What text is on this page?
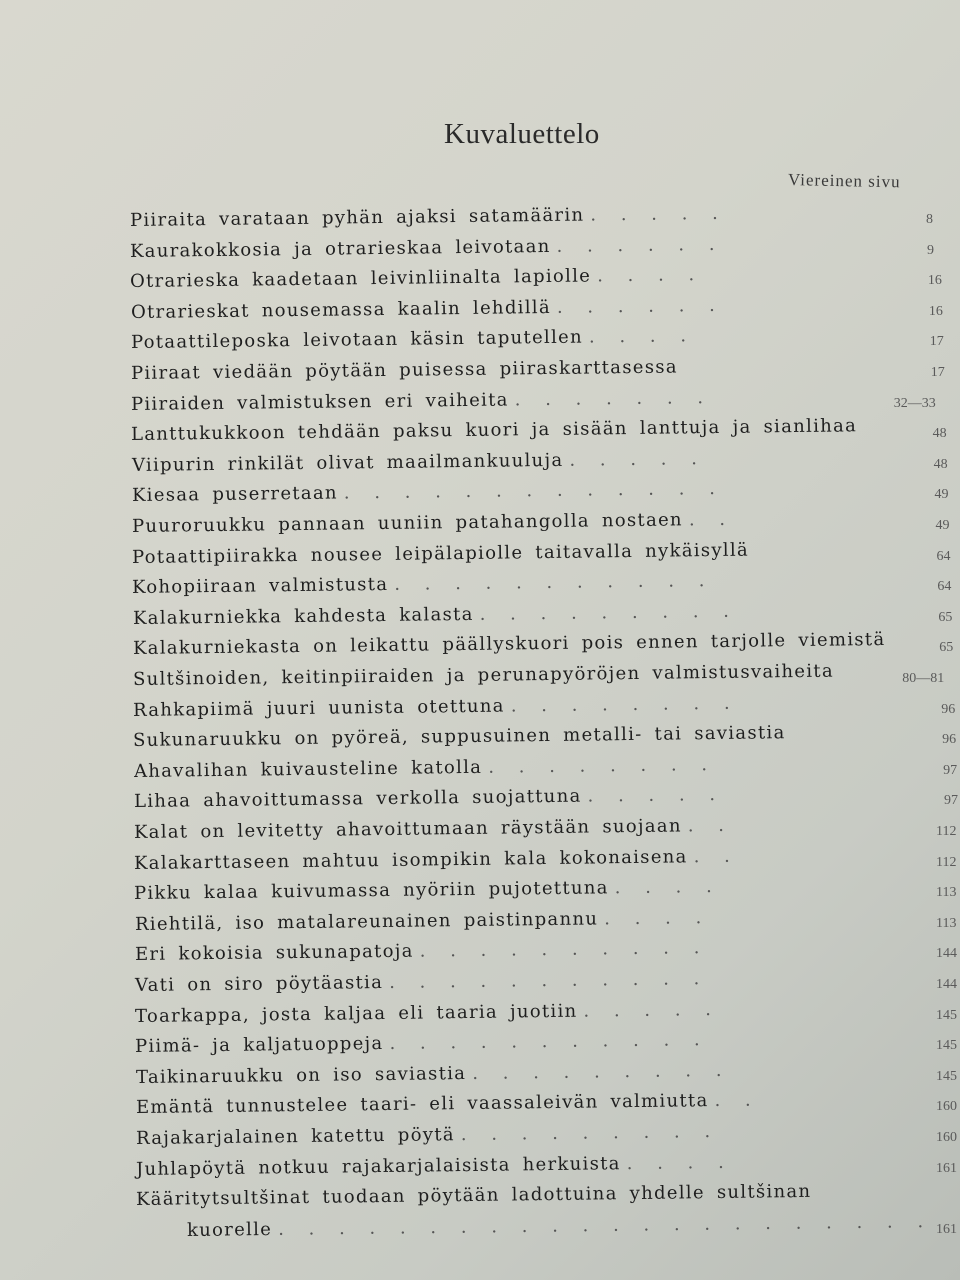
Kuvaluettelo
Viereinen sivu
Piiraita varataan pyhän ajaksi satamäärin . . . . .	8
Kaurakokkosia ja otrarieskaa leivotaan . . . . . .	9
Otrarieska kaadetaan leivinliinalta lapiolle . . . .	16
Otrarieskat nousemassa kaalin lehdillä . . . . . .	16
Potaattileposka leivotaan käsin taputellen . . . .	17
Piiraat viedään pöytään puisessa piiraskarttasessa	17
Piiraiden valmistuksen eri vaiheita . . . . . . .	32—33
Lanttukukkoon tehdään paksu kuori ja sisään lanttuja ja sianlihaa	48
Viipurin rinkilät olivat maailmankuuluja . . . . .	48
Kiesaa puserretaan . . . . . . . . . . . . .	49
Puuroruukku pannaan uuniin patahangolla nostaen . .	49
Potaattipiirakka nousee leipälapiolle taitavalla nykäisyllä	64
Kohopiiraan valmistusta . . . . . . . . . . .	64
Kalakurniekka kahdesta kalasta . . . . . . . . .	65
Kalakurniekasta on leikattu päällyskuori pois ennen tarjolle viemistä	65
Sultšinoiden, keitinpiiraiden ja perunapyöröjen valmistusvaiheita	80—81
Rahkapiimä juuri uunista otettuna . . . . . . . .	96
Sukunaruukku on pyöreä, suppusuinen metalli- tai saviastia	96
Ahavalihan kuivausteline katolla . . . . . . . .	97
Lihaa ahavoittumassa verkolla suojattuna . . . . .	97
Kalat on levitetty ahavoittumaan räystään suojaan . .	112
Kalakarttaseen mahtuu isompikin kala kokonaisena . .	112
Pikku kalaa kuivumassa nyöriin pujotettuna . . . .	113
Riehtilä, iso matalareunainen paistinpannu . . . .	113
Eri kokoisia sukunapatoja . . . . . . . . . .	144
Vati on siro pöytäastia . . . . . . . . . . .	144
Toarkappa, josta kaljaa eli taaria juotiin . . . . .	145
Piimä- ja kaljatuoppeja . . . . . . . . . . .	145
Taikinaruukku on iso saviastia . . . . . . . . .	145
Emäntä tunnustelee taari- eli vaassaleivän valmiutta . .	160
Rajakarjalainen katettu pöytä . . . . . . . . .	160
Juhlapöytä notkuu rajakarjalaisista herkuista . . . .	161
Kääritytsultšinat tuodaan pöytään ladottuina yhdelle sultšinan
kuorelle . . . . . . . . . . . . . . . . . . . . . . 161
